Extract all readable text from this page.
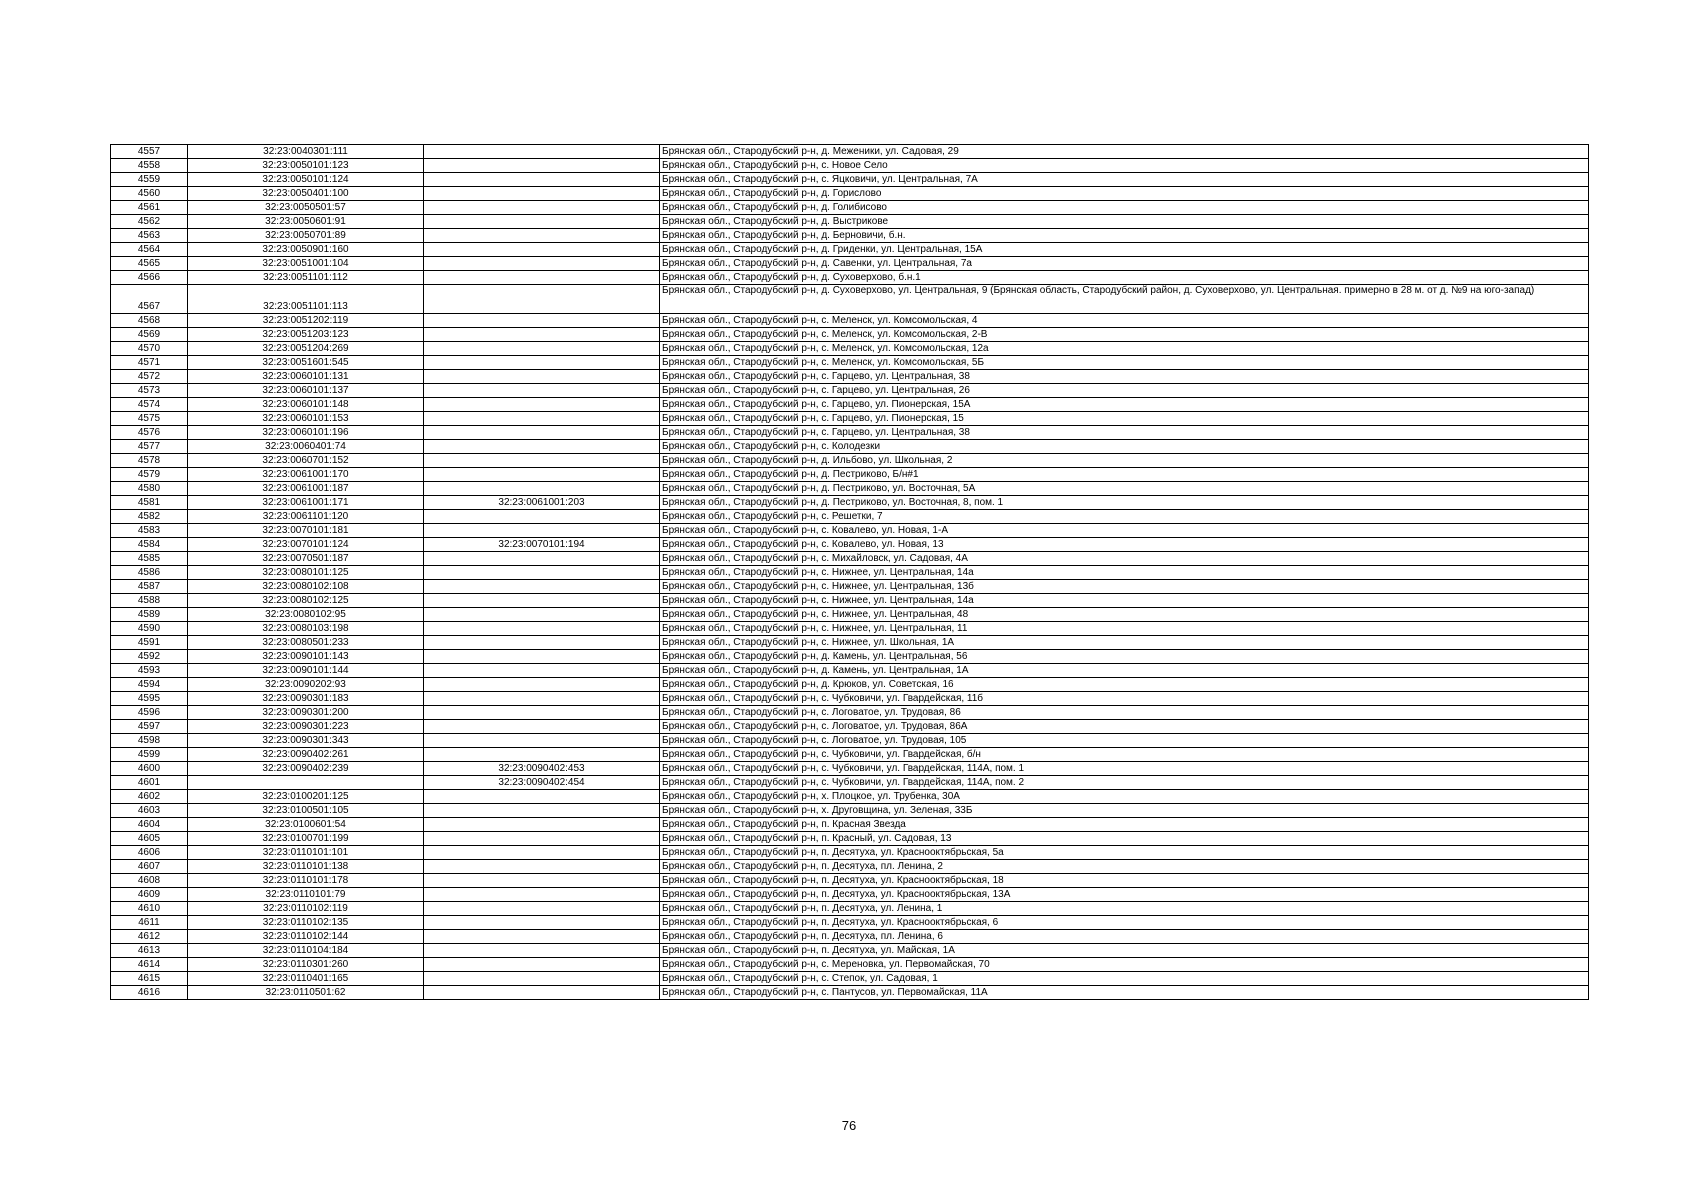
4557	32:23:0040301:111		Брянская обл., Стародубский р-н, д. Меженики, ул. Садовая, 29
4558	32:23:0050101:123		Брянская обл., Стародубский р-н, с. Новое Село
4559	32:23:0050101:124		Брянская обл., Стародубский р-н, с. Яцковичи, ул. Центральная, 7А
4560	32:23:0050401:100		Брянская обл., Стародубский р-н, д. Горислово
4561	32:23:0050501:57		Брянская обл., Стародубский р-н, д. Голибисово
4562	32:23:0050601:91		Брянская обл., Стародубский р-н, д. Выстрикове
4563	32:23:0050701:89		Брянская обл., Стародубский р-н, д. Берновичи, б.н.
4564	32:23:0050901:160		Брянская обл., Стародубский р-н, д. Гриденки, ул. Центральная, 15А
4565	32:23:0051001:104		Брянская обл., Стародубский р-н, д. Савенки, ул. Центральная, 7а
4566	32:23:0051101:112		Брянская обл., Стародубский р-н, д. Суховерхово, б.н.1
4567	32:23:0051101:113		Брянская обл., Стародубский р-н, д. Суховерхово, ул. Центральная, 9 (Брянская область, Стародубский район, д. Суховерхово, ул. Центральная. примерно в 28 м. от д. №9 на юго-запад)
4568	32:23:0051202:119		Брянская обл., Стародубский р-н, с. Меленск, ул. Комсомольская, 4
4569	32:23:0051203:123		Брянская обл., Стародубский р-н, с. Меленск, ул. Комсомольская, 2-В
4570	32:23:0051204:269		Брянская обл., Стародубский р-н, с. Меленск, ул. Комсомольская, 12а
4571	32:23:0051601:545		Брянская обл., Стародубский р-н, с. Меленск, ул. Комсомольская, 5Б
4572	32:23:0060101:131		Брянская обл., Стародубский р-н, с. Гарцево, ул. Центральная, 38
4573	32:23:0060101:137		Брянская обл., Стародубский р-н, с. Гарцево, ул. Центральная, 26
4574	32:23:0060101:148		Брянская обл., Стародубский р-н, с. Гарцево, ул. Пионерская, 15А
4575	32:23:0060101:153		Брянская обл., Стародубский р-н, с. Гарцево, ул. Пионерская, 15
4576	32:23:0060101:196		Брянская обл., Стародубский р-н, с. Гарцево, ул. Центральная, 38
4577	32:23:0060401:74		Брянская обл., Стародубский р-н, с. Колодезки
4578	32:23:0060701:152		Брянская обл., Стародубский р-н, д. Ильбово, ул. Школьная, 2
4579	32:23:0061001:170		Брянская обл., Стародубский р-н, д. Пестриково, Б/н#1
4580	32:23:0061001:187		Брянская обл., Стародубский р-н, д. Пестриково, ул. Восточная, 5А
4581	32:23:0061001:171	32:23:0061001:203	Брянская обл., Стародубский р-н, д. Пестриково, ул. Восточная, 8, пом. 1
4582	32:23:0061101:120		Брянская обл., Стародубский р-н, с. Решетки, 7
4583	32:23:0070101:181		Брянская обл., Стародубский р-н, с. Ковалево, ул. Новая, 1-А
4584	32:23:0070101:124	32:23:0070101:194	Брянская обл., Стародубский р-н, с. Ковалево, ул. Новая, 13
4585	32:23:0070501:187		Брянская обл., Стародубский р-н, с. Михайловск, ул. Садовая, 4А
4586	32:23:0080101:125		Брянская обл., Стародубский р-н, с. Нижнее, ул. Центральная, 14а
4587	32:23:0080102:108		Брянская обл., Стародубский р-н, с. Нижнее, ул. Центральная, 13б
4588	32:23:0080102:125		Брянская обл., Стародубский р-н, с. Нижнее, ул. Центральная, 14а
4589	32:23:0080102:95		Брянская обл., Стародубский р-н, с. Нижнее, ул. Центральная, 48
4590	32:23:0080103:198		Брянская обл., Стародубский р-н, с. Нижнее, ул. Центральная, 11
4591	32:23:0080501:233		Брянская обл., Стародубский р-н, с. Нижнее, ул. Школьная, 1А
4592	32:23:0090101:143		Брянская обл., Стародубский р-н, д. Камень, ул. Центральная, 56
4593	32:23:0090101:144		Брянская обл., Стародубский р-н, д. Камень, ул. Центральная, 1А
4594	32:23:0090202:93		Брянская обл., Стародубский р-н, д. Крюков, ул. Советская, 16
4595	32:23:0090301:183		Брянская обл., Стародубский р-н, с. Чубковичи, ул. Гвардейская, 11б
4596	32:23:0090301:200		Брянская обл., Стародубский р-н, с. Логоватое, ул. Трудовая, 86
4597	32:23:0090301:223		Брянская обл., Стародубский р-н, с. Логоватое, ул. Трудовая, 86А
4598	32:23:0090301:343		Брянская обл., Стародубский р-н, с. Логоватое, ул. Трудовая, 105
4599	32:23:0090402:261		Брянская обл., Стародубский р-н, с. Чубковичи, ул. Гвардейская, б/н
4600	32:23:0090402:239	32:23:0090402:453	Брянская обл., Стародубский р-н, с. Чубковичи, ул. Гвардейская, 114А, пом. 1
4601		32:23:0090402:454	Брянская обл., Стародубский р-н, с. Чубковичи, ул. Гвардейская, 114А, пом. 2
4602	32:23:0100201:125		Брянская обл., Стародубский р-н, х. Плоцкое, ул. Трубенка, 30А
4603	32:23:0100501:105		Брянская обл., Стародубский р-н, х. Друговщина, ул. Зеленая, 33Б
4604	32:23:0100601:54		Брянская обл., Стародубский р-н, п. Красная Звезда
4605	32:23:0100701:199		Брянская обл., Стародубский р-н, п. Красный, ул. Садовая, 13
4606	32:23:0110101:101		Брянская обл., Стародубский р-н, п. Десятуха, ул. Краснооктябрьская, 5а
4607	32:23:0110101:138		Брянская обл., Стародубский р-н, п. Десятуха, пл. Ленина, 2
4608	32:23:0110101:178		Брянская обл., Стародубский р-н, п. Десятуха, ул. Краснооктябрьская, 18
4609	32:23:0110101:79		Брянская обл., Стародубский р-н, п. Десятуха, ул. Краснооктябрьская, 13А
4610	32:23:0110102:119		Брянская обл., Стародубский р-н, п. Десятуха, ул. Ленина, 1
4611	32:23:0110102:135		Брянская обл., Стародубский р-н, п. Десятуха, ул. Краснооктябрьская, 6
4612	32:23:0110102:144		Брянская обл., Стародубский р-н, п. Десятуха, пл. Ленина, 6
4613	32:23:0110104:184		Брянская обл., Стародубский р-н, п. Десятуха, ул. Майская, 1А
4614	32:23:0110301:260		Брянская обл., Стародубский р-н, с. Мереновка, ул. Первомайская, 70
4615	32:23:0110401:165		Брянская обл., Стародубский р-н, с. Степок, ул. Садовая, 1
4616	32:23:0110501:62		Брянская обл., Стародубский р-н, с. Пантусов, ул. Первомайская, 11А
76
